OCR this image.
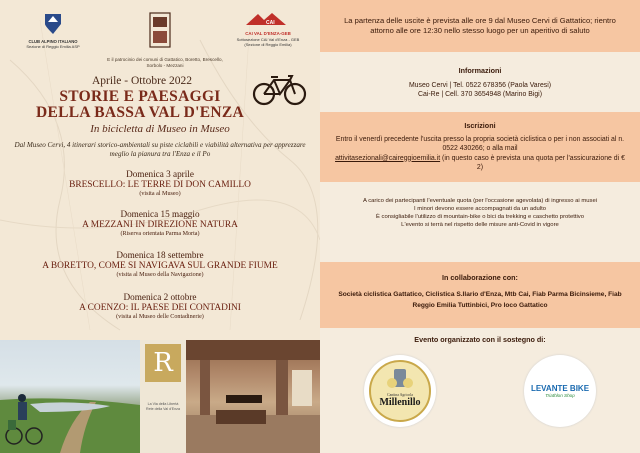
CLUB ALPINO ITALIANO
Sezione di Reggio Emilia ASP
CAI
CAI VAL D'ENZA-GEB
Sottosezione CAI Val d'Enza - GEB
(Sezione di Reggio Emilia)
E il patrocinio dei comuni di Gattatico, Boretto, Brescello, Sorbolo - Mezzani
Aprile - Ottobre 2022
STORIE E PAESAGGI
DELLA BASSA VAL D'ENZA
In bicicletta di Museo in Museo
Dal Museo Cervi, 4 itinerari storico-ambientali su piste ciclabili e viabilità alternativa per apprezzare meglio la pianura tra l'Enza e il Po
Domenica 3 aprile
BRESCELLO: LE TERRE DI DON CAMILLO
(visita al Museo)
Domenica 15 maggio
A MEZZANI IN DIREZIONE NATURA
(Riserva orientata Parma Morta)
Domenica 18 settembre
A BORETTO, COME SI NAVIGAVA SUL GRANDE FIUME
(visita al Museo della Navigazione)
Domenica 2 ottobre
A COENZO: IL PAESE DEI CONTADINI
(visita al Museo delle Contadinerie)
R
La Via della Libertà
Rete della Val d'Enza
La partenza delle uscite è prevista alle ore 9 dal Museo Cervi di Gattatico; rientro attorno alle ore 12:30 nello stesso luogo per un aperitivo di saluto
Informazioni
Museo Cervi | Tel. 0522 678356 (Paola Varesi)
Cai-Re | Cell. 370 3654948 (Marino Bigi)
Iscrizioni
Entro il venerdì precedente l'uscita presso la propria società ciclistica o per i non associati al n. 0522 430266; o alla mail
attivitasezionali@caireggioemilia.it (in questo caso è prevista una quota per l'assicurazione di € 2)
A carico dei partecipanti l'eventuale quota (per l'occasione agevolata) di ingresso ai musei
I minori devono essere accompagnati da un adulto
È consigliabile l'utilizzo di mountain-bike o bici da trekking e caschetto protettivo
L'evento si terrà nel rispetto delle misure anti-Covid in vigore
In collaborazione con:
Società ciclistica Gattatico, Ciclistica S.Ilario d'Enza, Mtb Cai, Fiab Parma Bicinsieme, Fiab Reggio Emilia Tuttinbici, Pro loco Gattatico
Evento organizzato con il sostegno di:
Cantina Agricola
Millenillo
LEVANTE BIKE
Triathlon Shop
